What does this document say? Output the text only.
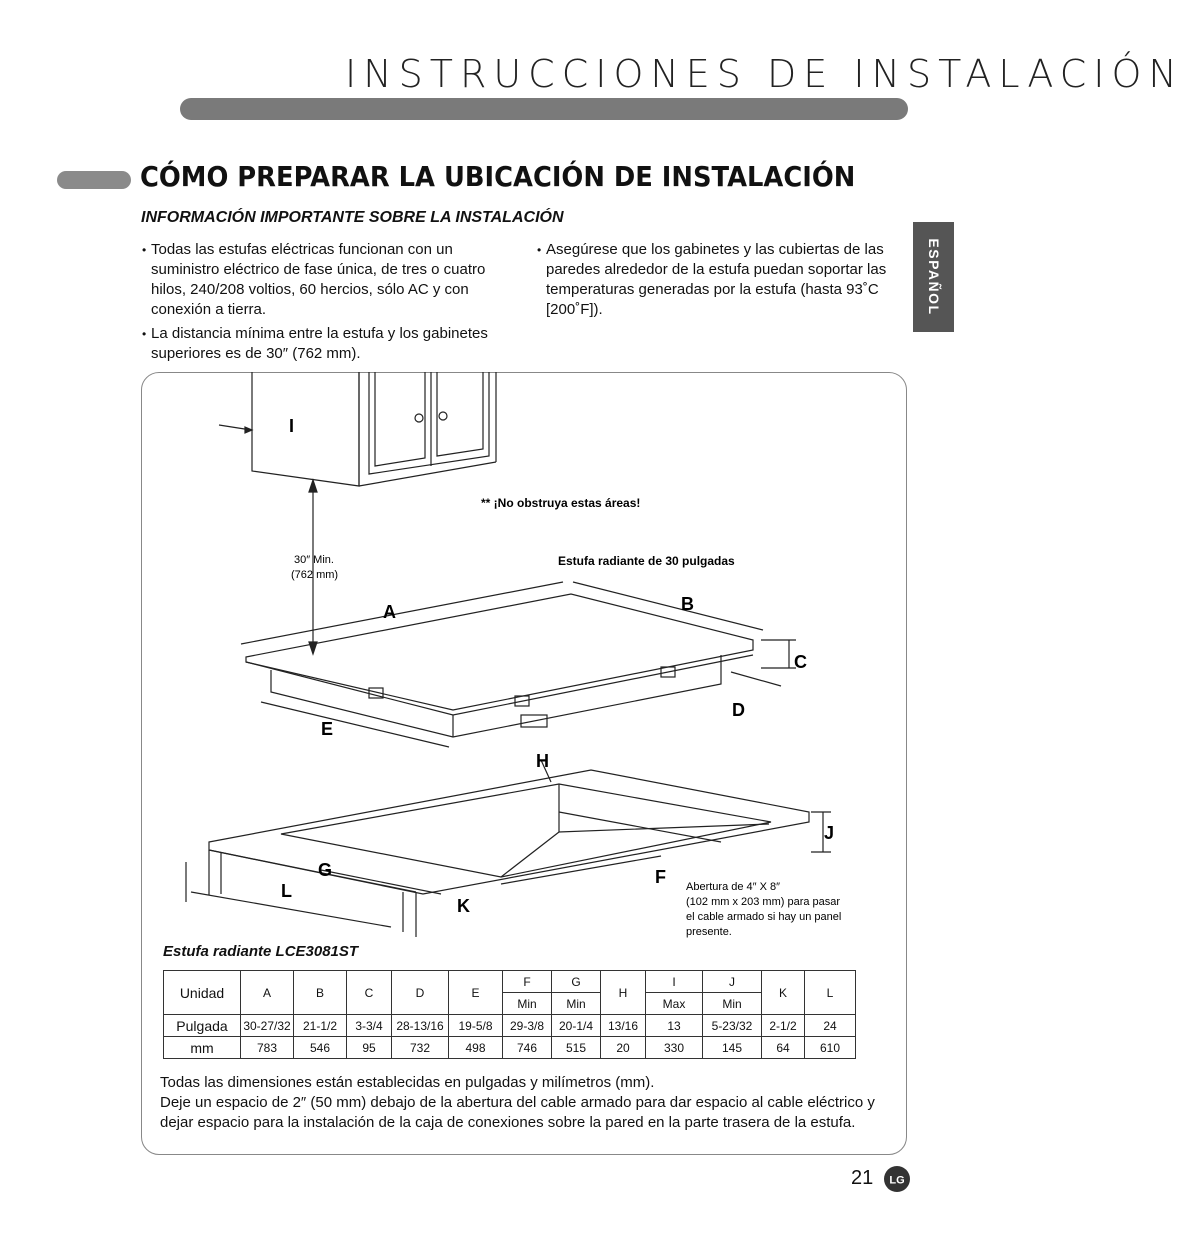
INSTRUCCIONES DE INSTALACIÓN
CÓMO PREPARAR LA UBICACIÓN DE INSTALACIÓN
INFORMACIÓN IMPORTANTE SOBRE LA INSTALACIÓN
• Todas las estufas eléctricas funcionan con un suministro eléctrico de fase única, de tres o cuatro hilos, 240/208 voltios, 60 hercios, sólo AC y con conexión a tierra.
• La distancia mínima entre la estufa y los gabinetes superiores es de 30″ (762 mm).
• Asegúrese que los gabinetes y las cubiertas de las paredes alrededor de la estufa puedan soportar las temperaturas generadas por la estufa (hasta 93˚C [200˚F]).	ESPAÑOL
I
A	B
C
D
E
H
J
G	F
L
K
** ¡No obstruya estas áreas!
30″ Min.
(762 mm)
Estufa radiante de 30 pulgadas
Abertura de 4″ X 8″
(102 mm x 203 mm) para pasar
el cable armado si hay un panel
presente.
Estufa radiante LCE3081ST
Unidad	A	B	C	D	E	F	G	H	I	J	K	L
						Min	Min		Max	Min		
Pulgada	30-27/32	21-1/2	3-3/4	28-13/16	19-5/8	29-3/8	20-1/4	13/16	13	5-23/32	2-1/2	24
mm	783	546	95	732	498	746	515	20	330	145	64	610
Todas las dimensiones están establecidas en pulgadas y milímetros (mm).
Deje un espacio de 2″ (50 mm) debajo de la abertura del cable armado para dar espacio al cable eléctrico y dejar espacio para la instalación de la caja de conexiones sobre la pared en la parte trasera de la estufa.
21 LG
